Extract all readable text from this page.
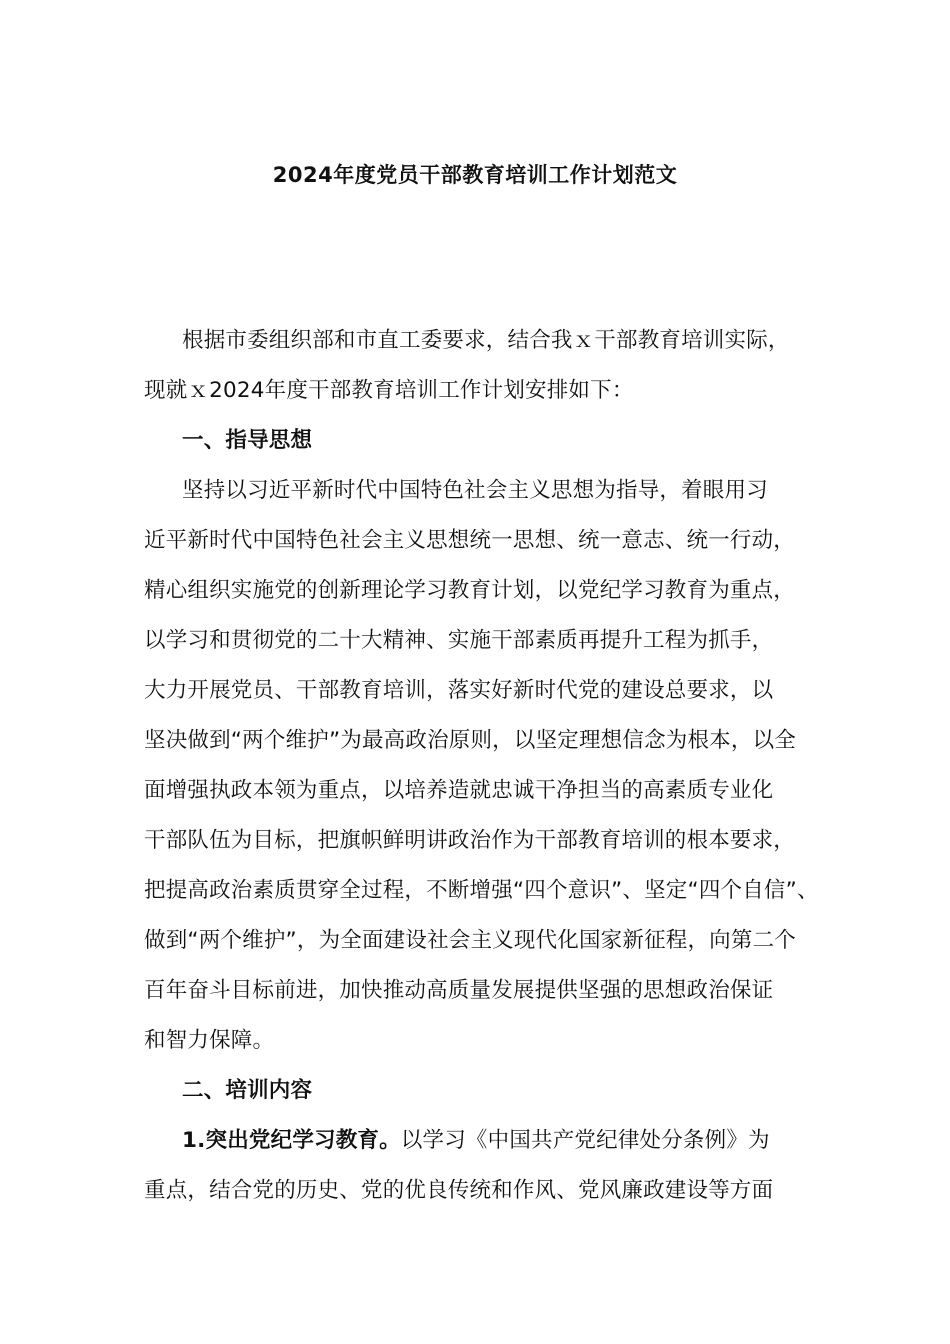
2024年度党员干部教育培训工作计划范文
根据市委组织部和市直工委要求，结合我ｘ干部教育培训实际，
现就ｘ2024年度干部教育培训工作计划安排如下：
一、指导思想
坚持以习近平新时代中国特色社会主义思想为指导，着眼用习
近平新时代中国特色社会主义思想统一思想、统一意志、统一行动，
精心组织实施党的创新理论学习教育计划，以党纪学习教育为重点，
以学习和贯彻党的二十大精神、实施干部素质再提升工程为抓手，
大力开展党员、干部教育培训，落实好新时代党的建设总要求，以
坚决做到“两个维护”为最高政治原则，以坚定理想信念为根本，以全
面增强执政本领为重点，以培养造就忠诚干净担当的高素质专业化
干部队伍为目标，把旗帜鲜明讲政治作为干部教育培训的根本要求，
把提高政治素质贯穿全过程，不断增强“四个意识”、坚定“四个自信”、
做到“两个维护”，为全面建设社会主义现代化国家新征程，向第二个
百年奋斗目标前进，加快推动高质量发展提供坚强的思想政治保证
和智力保障。
二、培训内容
1.突出党纪学习教育。以学习《中国共产党纪律处分条例》为
重点，结合党的历史、党的优良传统和作风、党风廉政建设等方面
